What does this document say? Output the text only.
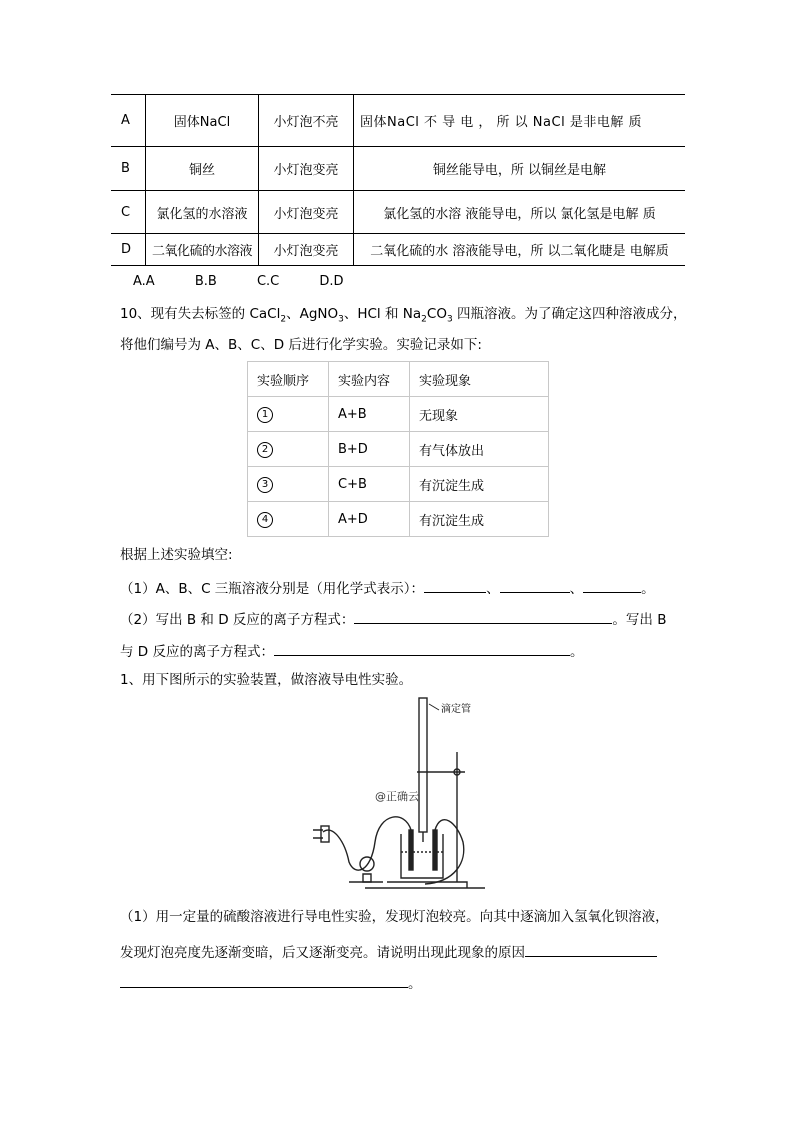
A	固体NaCl	小灯泡不亮	固体NaCl 不 导 电 ， 所 以 NaCl 是非电解 质
B	铜丝	小灯泡变亮	铜丝能导电，所 以铜丝是电解
C	氯化氢的水溶液	小灯泡变亮	氯化氢的水溶 液能导电，所以 氯化氢是电解 质
D	二氧化硫的水溶液	小灯泡变亮	二氧化硫的水 溶液能导电，所 以二氧化睫是 电解质
A.A	B.B	C.C	D.D
10、现有失去标签的 CaCl$_2$、AgNO$_3$、HCl 和 $Na_2CO_3$ 四瓶溶液。为了确定这四种溶液成分，
将他们编号为 A、B、C、D 后进行化学实验。实验记录如下:
实验顺序	实验内容	实验现象
1	A+B	无现象
2	B+D	有气体放出
3	C+B	有沉淀生成
4	A+D	有沉淀生成
根据上述实验填空:
（1）A、B、C 三瓶溶液分别是（用化学式表示）：	、	、	。
（2）写出 B 和 D 反应的离子方程式：	。写出 B
与 D 反应的离子方程式：	。
1、用下图所示的实验装置，做溶液导电性实验。
滴定管
@正确云
（1）用一定量的硫酸溶液进行导电性实验，发现灯泡较亮。向其中逐滴加入氢氧化钡溶液，
发现灯泡亮度先逐渐变暗，后又逐渐变亮。请说明出现此现象的原因
。
